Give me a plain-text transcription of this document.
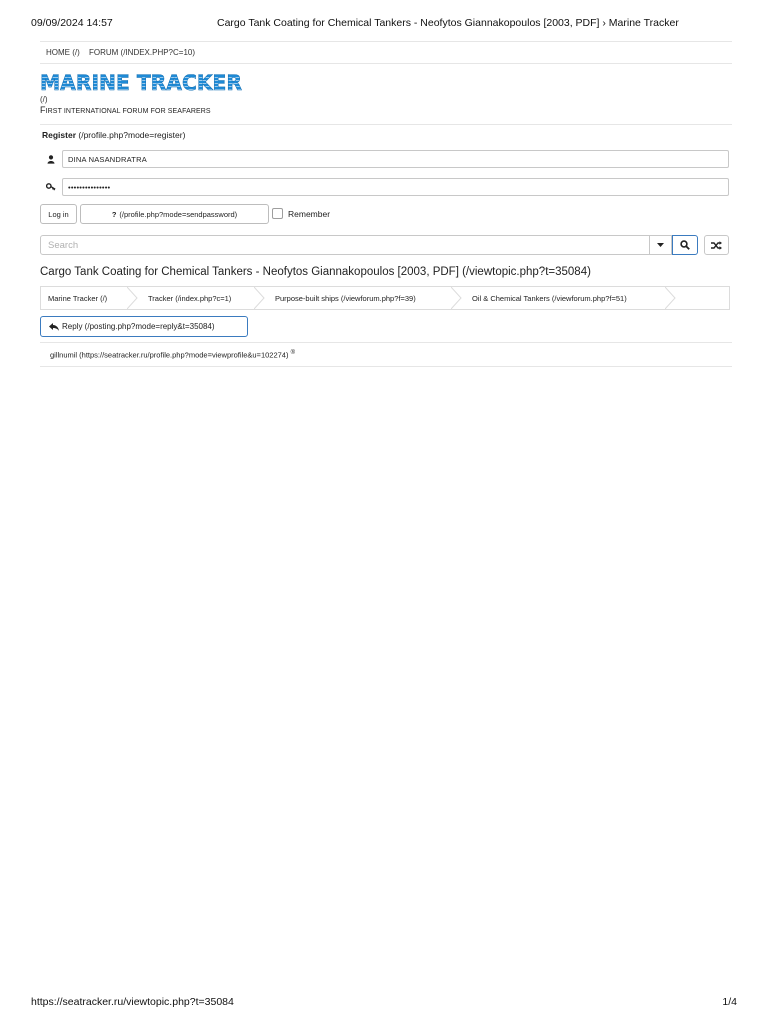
09/09/2024 14:57	Cargo Tank Coating for Chemical Tankers - Neofytos Giannakopoulos [2003, PDF] › Marine Tracker
HOME (/) FORUM (/INDEX.PHP?C=10)
MARINE TRACKER
(/)
FIRST INTERNATIONAL FORUM FOR SEAFARERS
Register (/profile.php?mode=register)
DINA NASANDRATRA
•••••••••••••••
Log in	? (/profile.php?mode=sendpassword)	Remember
Search
Cargo Tank Coating for Chemical Tankers - Neofytos Giannakopoulos [2003, PDF] (/viewtopic.php?t=35084)
Marine Tracker (/)	Tracker (/index.php?c=1)	Purpose-built ships (/viewforum.php?f=39)	Oil & Chemical Tankers (/viewforum.php?f=51)
Reply (/posting.php?mode=reply&t=35084)
gillnumil (https://seatracker.ru/profile.php?mode=viewprofile&u=102274) ®
https://seatracker.ru/viewtopic.php?t=35084	1/4
